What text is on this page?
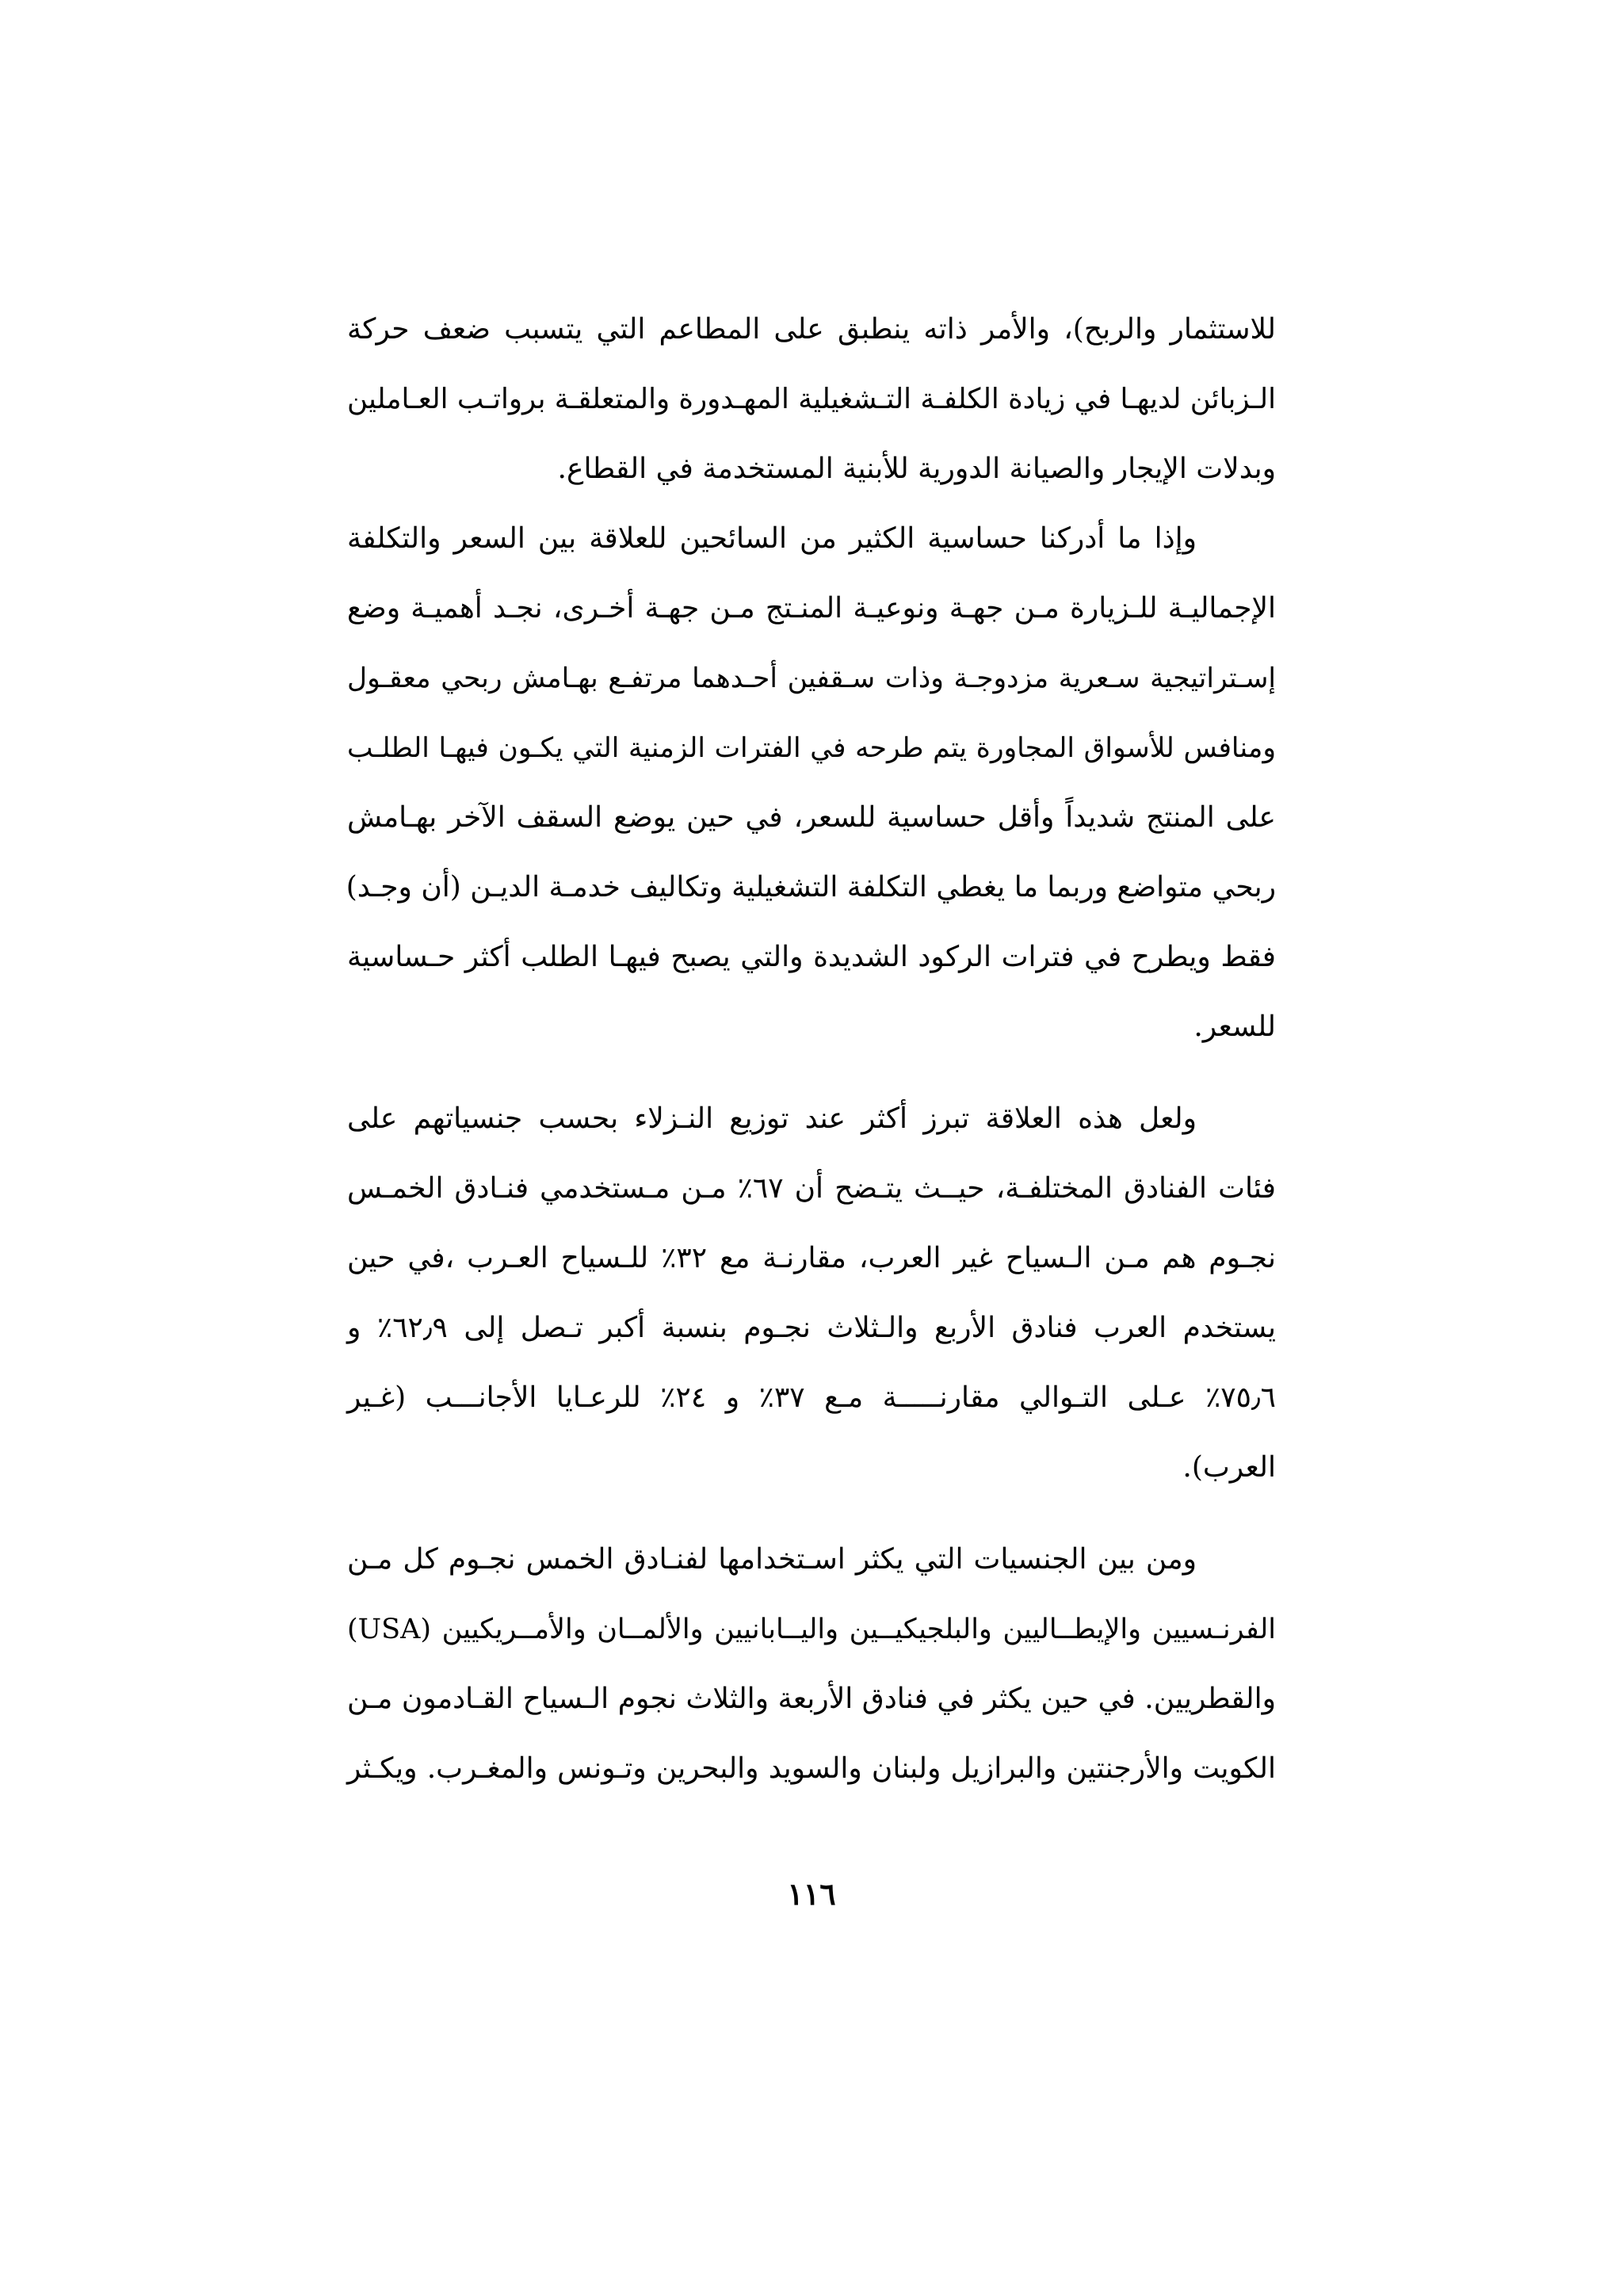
للاستثمار والربح)، والأمر ذاته ينطبق على المطاعم التي يتسبب ضعف حركة
الـزبائن لديهـا في زيادة الكلفـة التـشغيلية المهـدورة والمتعلقـة برواتـب العـاملين
وبدلات الإيجار والصيانة الدورية للأبنية المستخدمة في القطاع.
وإذا ما أدركنا حساسية الكثير من السائحين للعلاقة بين السعر والتكلفة
الإجماليـة للـزيارة مـن جهـة ونوعيـة المنـتج مـن جهـة أخـرى، نجـد أهميـة وضع
إسـتراتيجية سـعرية مزدوجـة وذات سـقفين أحـدهما مرتفـع بهـامش ربحي معقـول
ومنافس للأسواق المجاورة يتم طرحه في الفترات الزمنية التي يكـون فيهـا الطلـب
على المنتج شديداً وأقل حساسية للسعر، في حين يوضع السقف الآخر بهـامش
ربحي متواضع وربما ما يغطي التكلفة التشغيلية وتكاليف خدمـة الديـن (أن وجـد)
فقط ويطرح في فترات الركود الشديدة والتي يصبح فيهـا الطلب أكثر حـساسية
للسعر.
ولعل هذه العلاقة تبرز أكثر عند توزيع النـزلاء بحسب جنسياتهم على
فئات الفنادق المختلفـة، حيــث يتـضح أن ٦٧٪ مـن مـستخدمي فنـادق الخمـس
نجـوم هم مـن الـسياح غير العرب، مقارنـة مع ٣٢٪ للـسياح العـرب ،في حين
يستخدم العرب فنادق الأربع والـثلاث نجـوم بنسبة أكبر تـصل إلى ٦٢٫٩٪ و
٧٥٫٦٪ عـلى التـوالي مقارنـــــة مـع ٣٧٪ و ٢٤٪ للرعـايا الأجانـــب (غـير
العرب).
ومن بين الجنسيات التي يكثر اسـتخدامها لفنـادق الخمس نجـوم كل مـن
الفرنـسيين والإيطــاليين والبلجيكيــين واليــابانيين والألمــان والأمــريكيين (USA)
والقطريين. في حين يكثر في فنادق الأربعة والثلاث نجوم الـسياح القـادمون مـن
الكويت والأرجنتين والبرازيل ولبنان والسويد والبحرين وتـونس والمغـرب. ويكـثر
١١٦
